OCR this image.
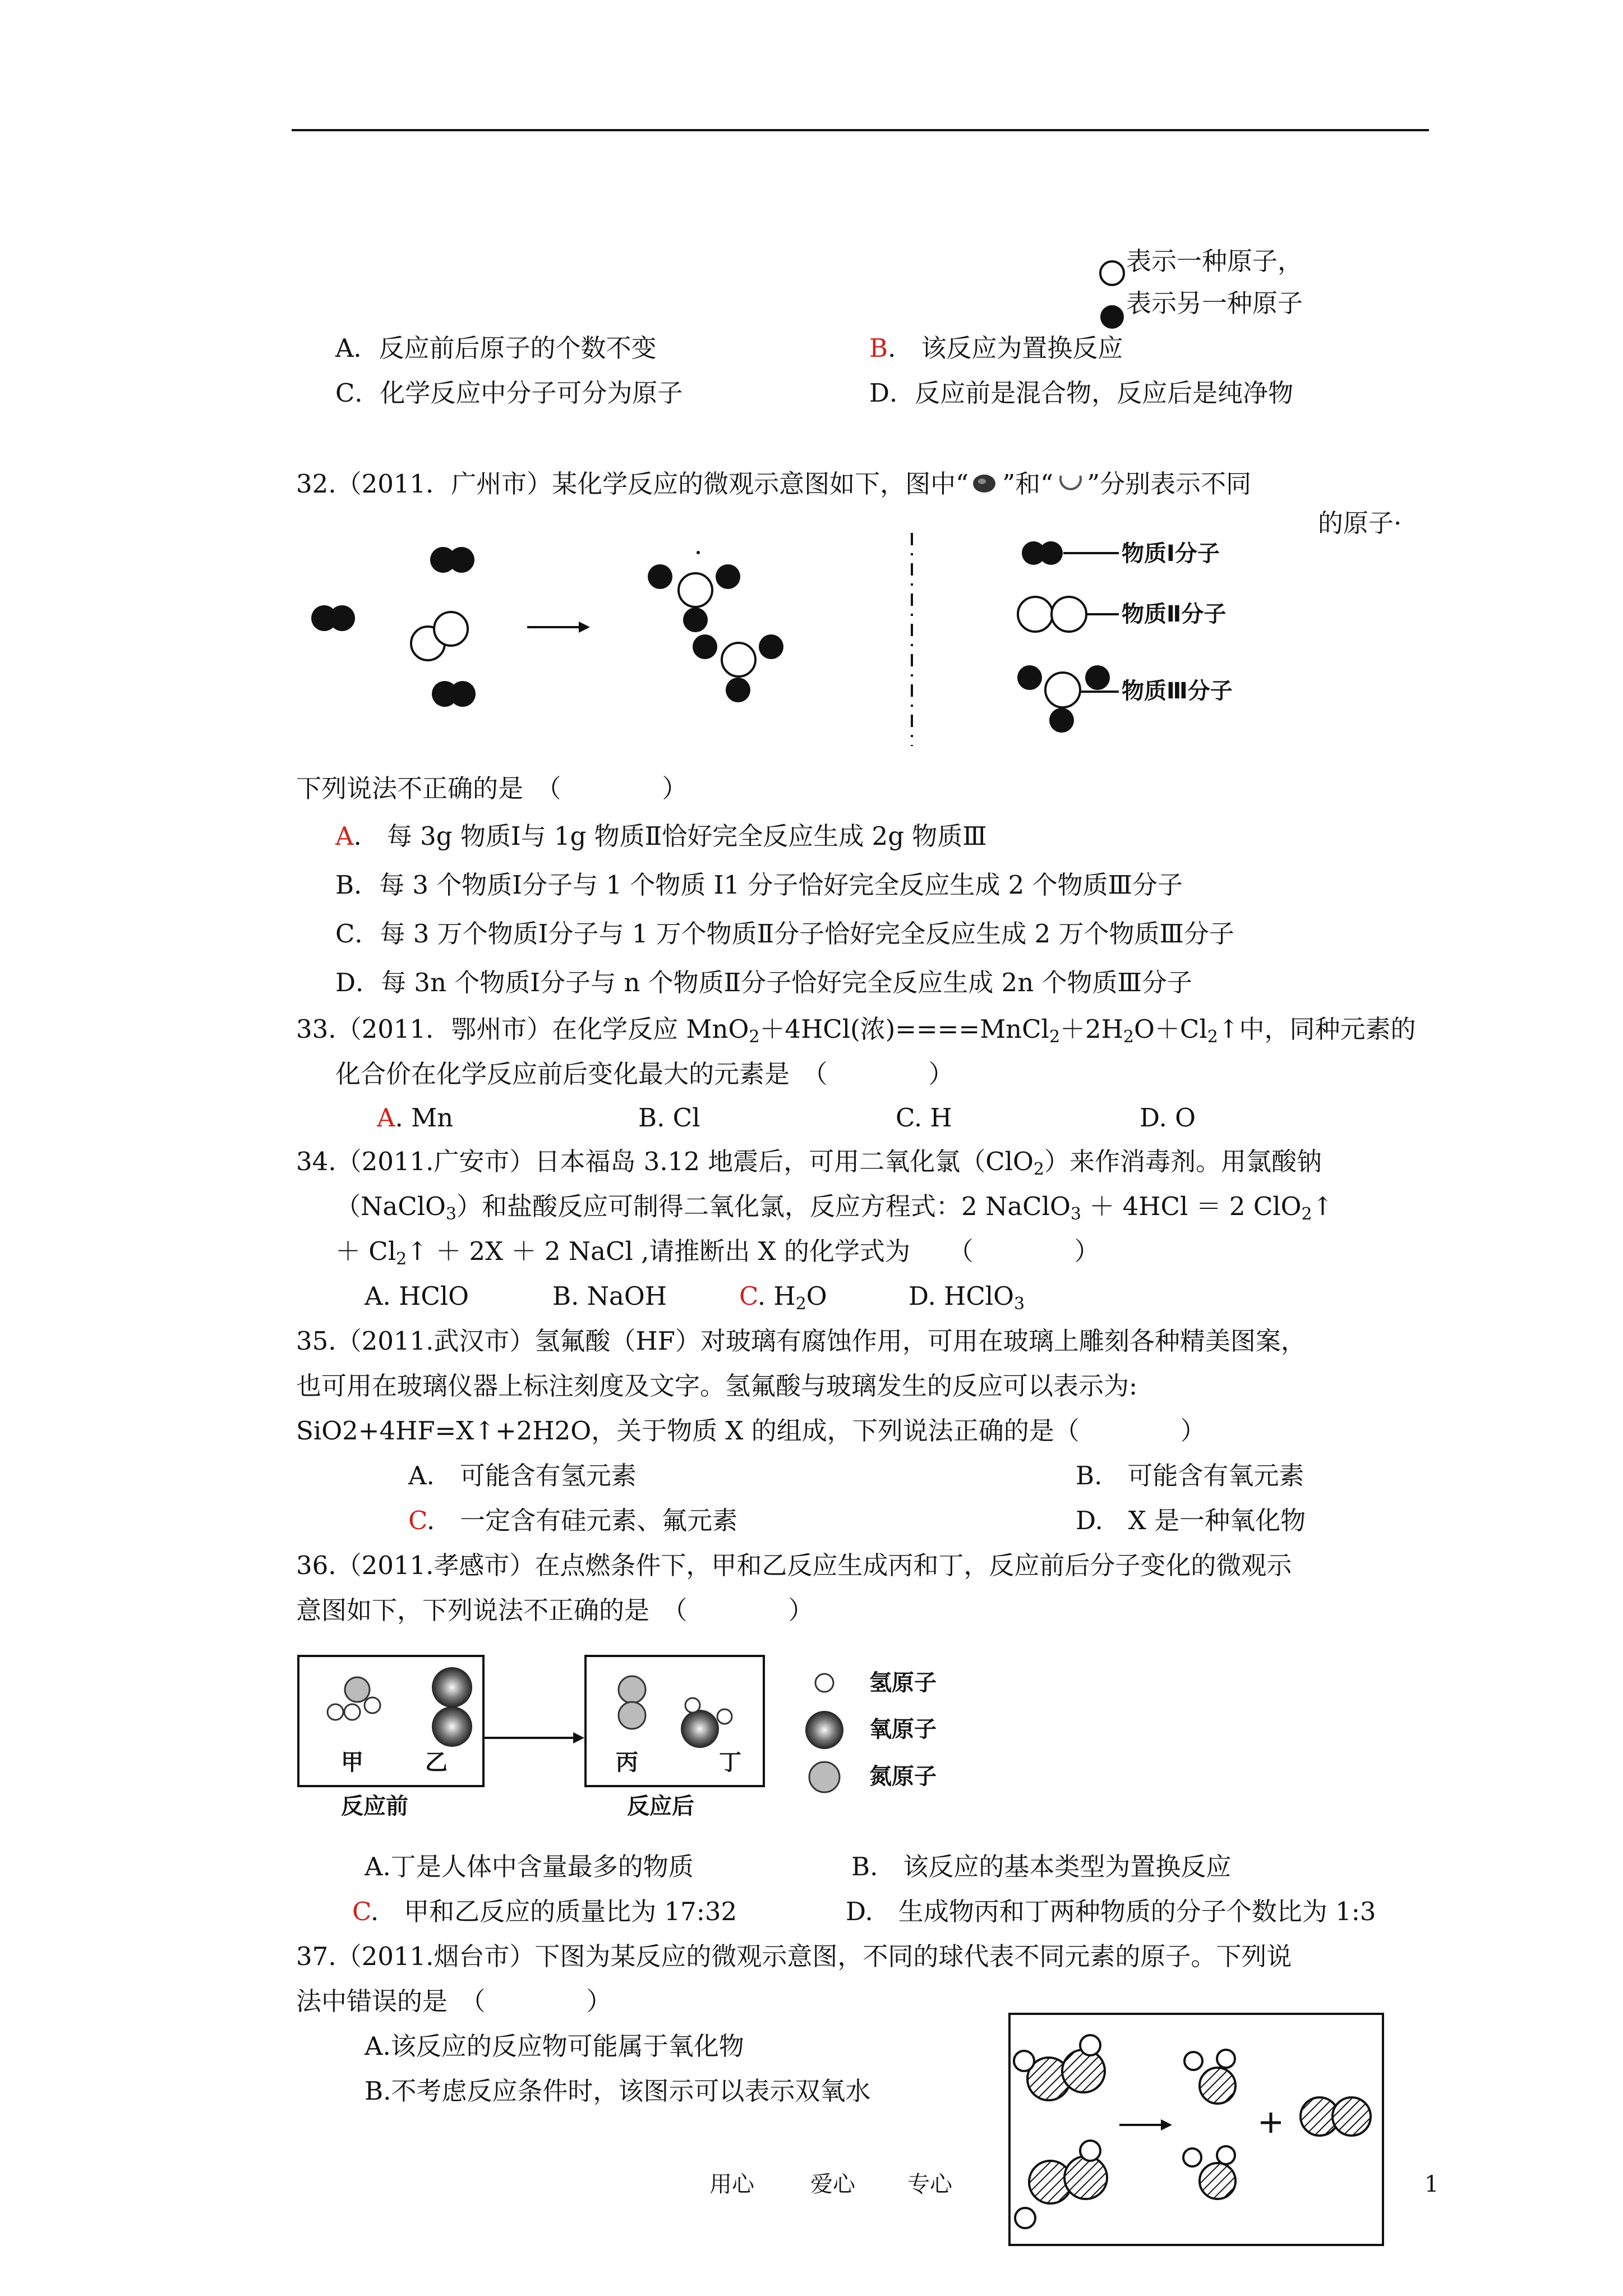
表示一种原子，
表示另一种原子
A．反应前后原子的个数不变	B.　该反应为置换反应
C．化学反应中分子可分为原子	D．反应前是混合物，反应后是纯净物
32.（2011．广州市）某化学反应的微观示意图如下，图中“ ”和“ ”分别表示不同
的原子·
物质Ⅰ分子
物质Ⅱ分子
物质Ⅲ分子
下列说法不正确的是　（　　　　）
A.　每 3g 物质Ⅰ与 1g 物质Ⅱ恰好完全反应生成 2g 物质Ⅲ
B．每 3 个物质Ⅰ分子与 1 个物质 I1 分子恰好完全反应生成 2 个物质Ⅲ分子
C．每 3 万个物质Ⅰ分子与 1 万个物质Ⅱ分子恰好完全反应生成 2 万个物质Ⅲ分子
D．每 3n 个物质Ⅰ分子与 n 个物质Ⅱ分子恰好完全反应生成 2n 个物质Ⅲ分子
33.（2011．鄂州市）在化学反应 MnO$_2$＋4HCl(浓)$====MnCl_2+2H_2O+Cl_2↑$中，同种元素的
化合价在化学反应前后变化最大的元素是　（　　　　）
A. Mn	B. Cl	C. H	D. O
34.（2011.广安市）日本福岛 3.12 地震后，可用二氧化氯（ClO$_2$）来作消毒剂。用氯酸钠
（NaClO$_3$）和盐酸反应可制得二氧化氯，反应方程式：2 NaClO$_3$ ＋ 4HCl ＝ 2 ClO$_2$↑
＋ $Cl_2↑ + 2X + 2$ NaCl ,请推断出 X 的化学式为　　（　　　　）
A. HClO	B. NaOH	C. $H_2O$	D. HClO$_3$
35.（2011.武汉市）氢氟酸（HF）对玻璃有腐蚀作用，可用在玻璃上雕刻各种精美图案，
也可用在玻璃仪器上标注刻度及文字。氢氟酸与玻璃发生的反应可以表示为:
SiO2+4HF=X↑+2H2O，关于物质 X 的组成，下列说法正确的是（　　　　）
A.　可能含有氢元素	B.　可能含有氧元素
C.　一定含有硅元素、氟元素	D.　X 是一种氧化物
36.（2011.孝感市）在点燃条件下，甲和乙反应生成丙和丁，反应前后分子变化的微观示
意图如下，下列说法不正确的是　（　　　　）
甲	乙	丙	丁
反应前	反应后
氢原子
氧原子
氮原子
A.丁是人体中含量最多的物质	B.　该反应的基本类型为置换反应
C.　甲和乙反应的质量比为 17:32	D.　生成物丙和丁两种物质的分子个数比为 1:3
37.（2011.烟台市）下图为某反应的微观示意图，不同的球代表不同元素的原子。下列说
法中错误的是　（　　　　）
A.该反应的反应物可能属于氧化物
B.不考虑反应条件时，该图示可以表示双氧水
用心	爱心 专心	1
